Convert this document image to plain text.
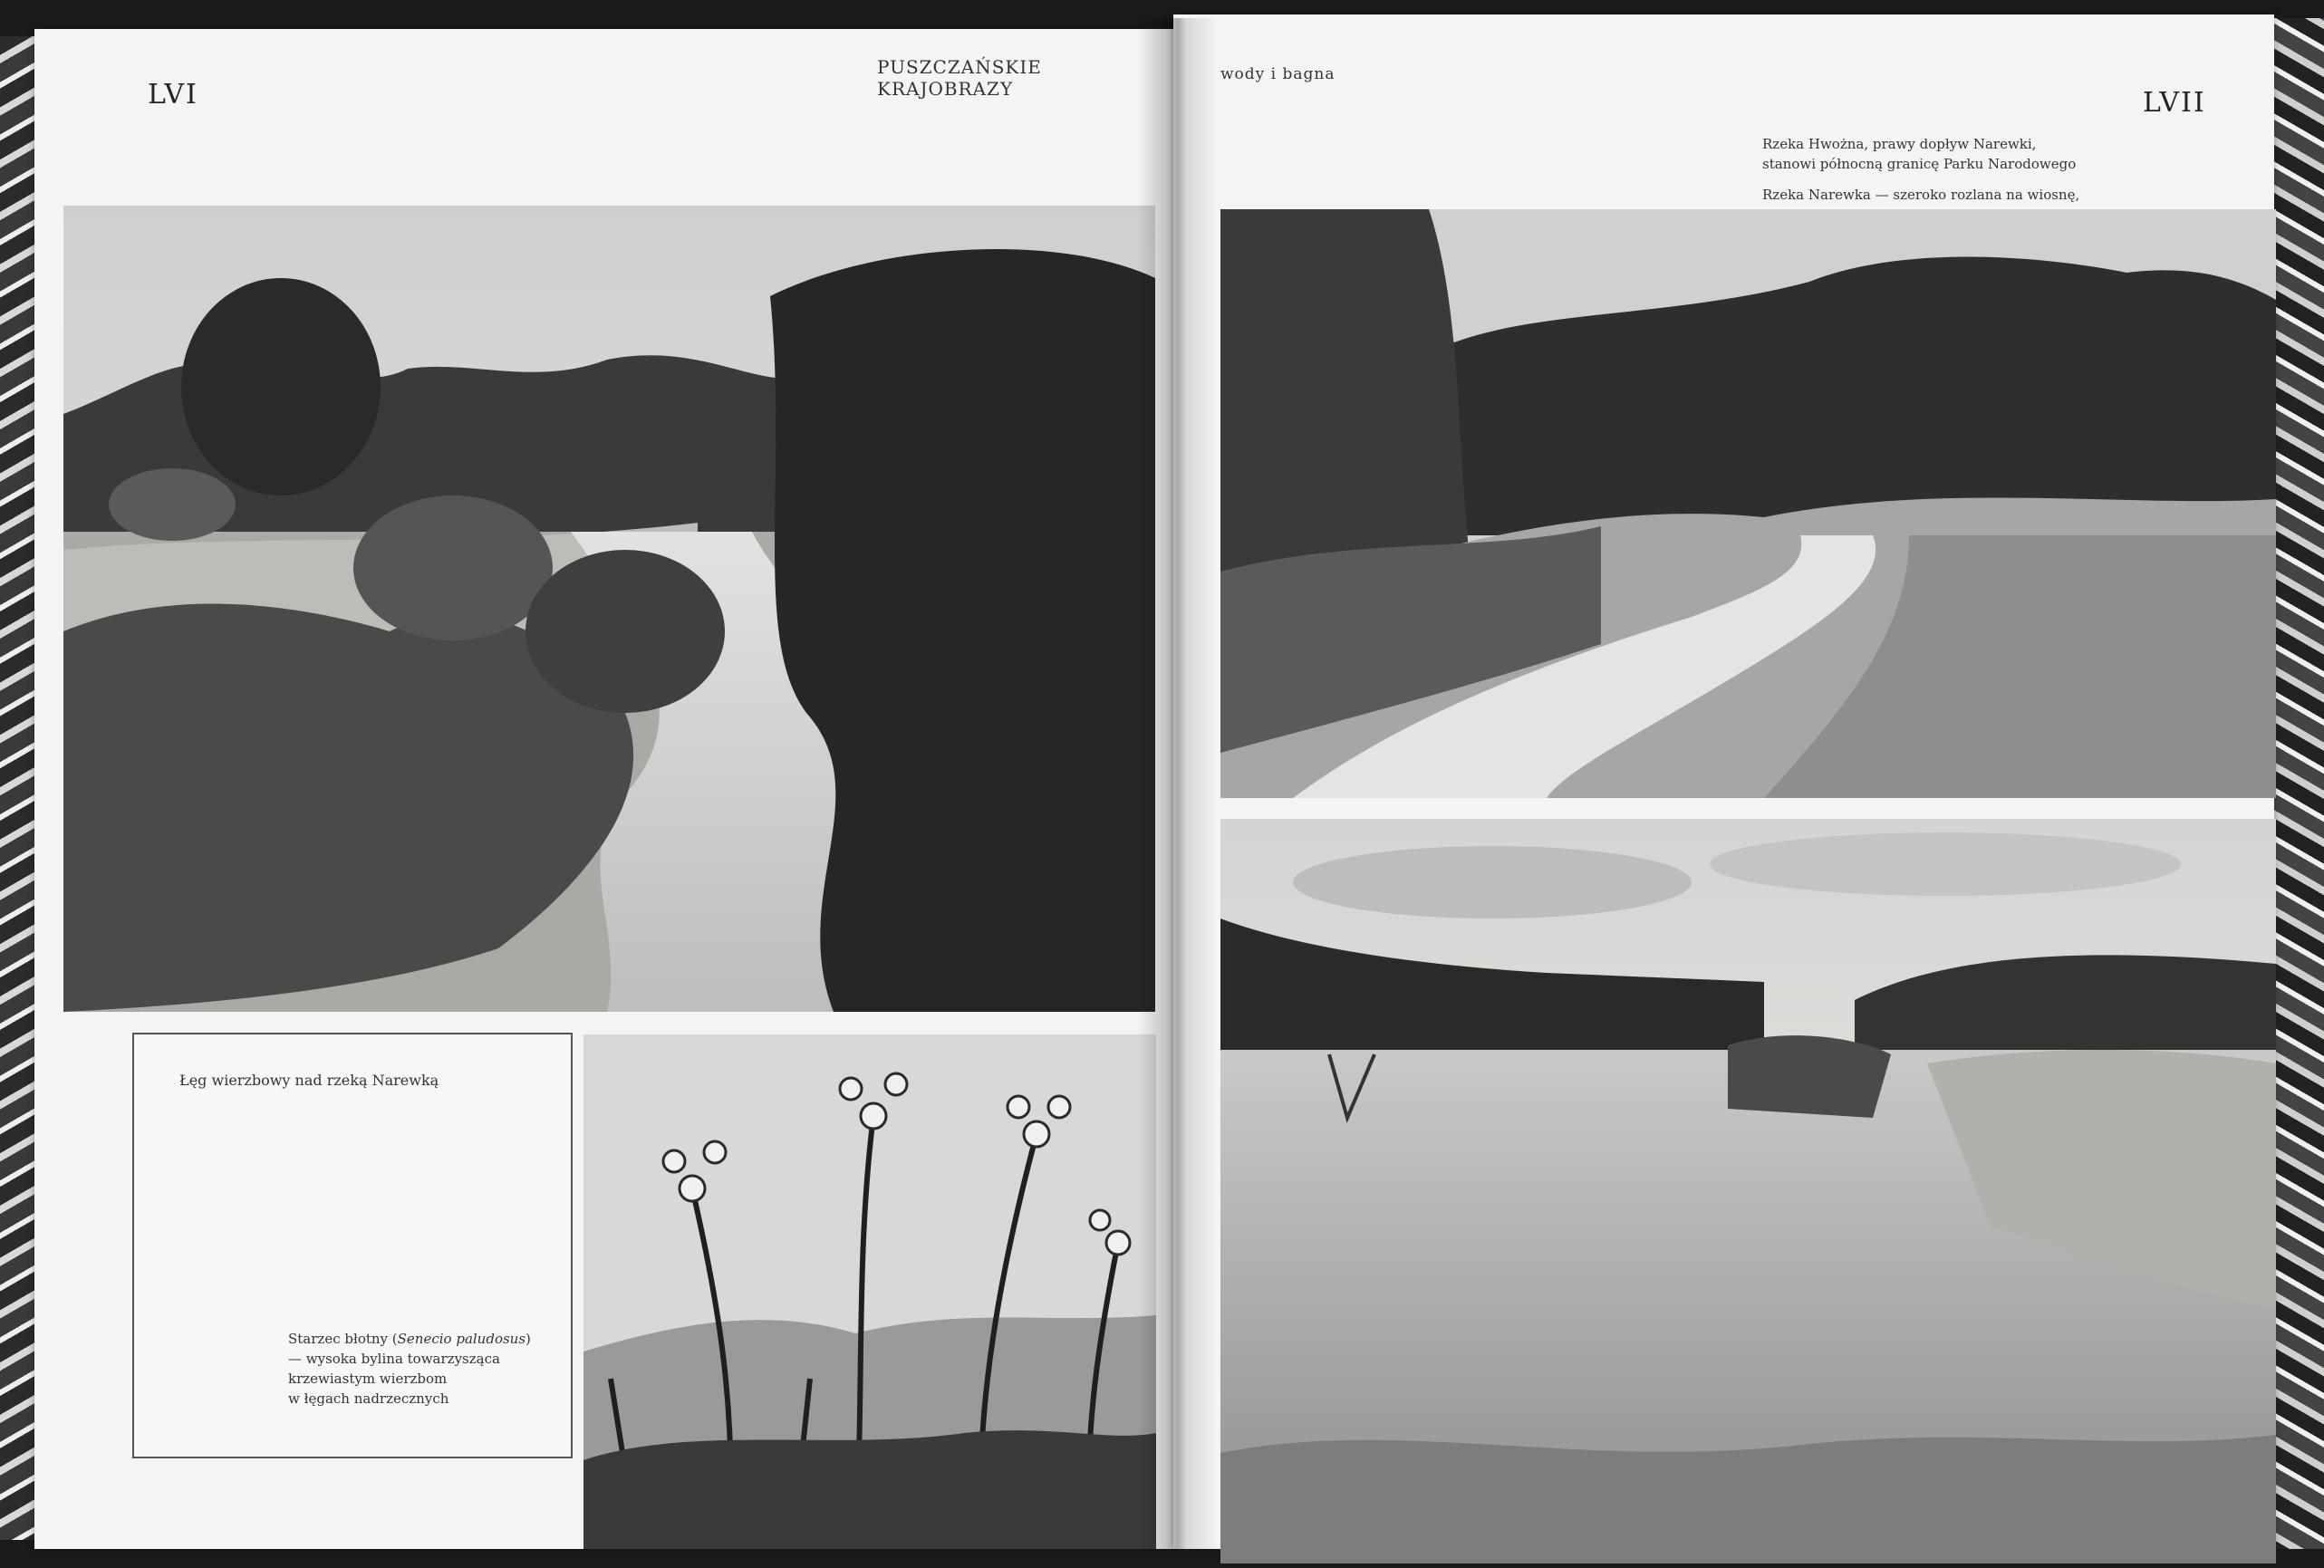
LVI
PUSZCZAŃSKIE KRAJOBRAZY
Łęg wierzbowy nad rzeką Narewką
Starzec błotny (Senecio paludosus)
— wysoka bylina towarzysząca
krzewiastym wierzbom
w łęgach nadrzecznych
wody i bagna
LVII
Rzeka Hwożna, prawy dopływ Narewki,
stanowi północną granicę Parku Narodowego
Rzeka Narewka — szeroko rozlana na wiosnę,
